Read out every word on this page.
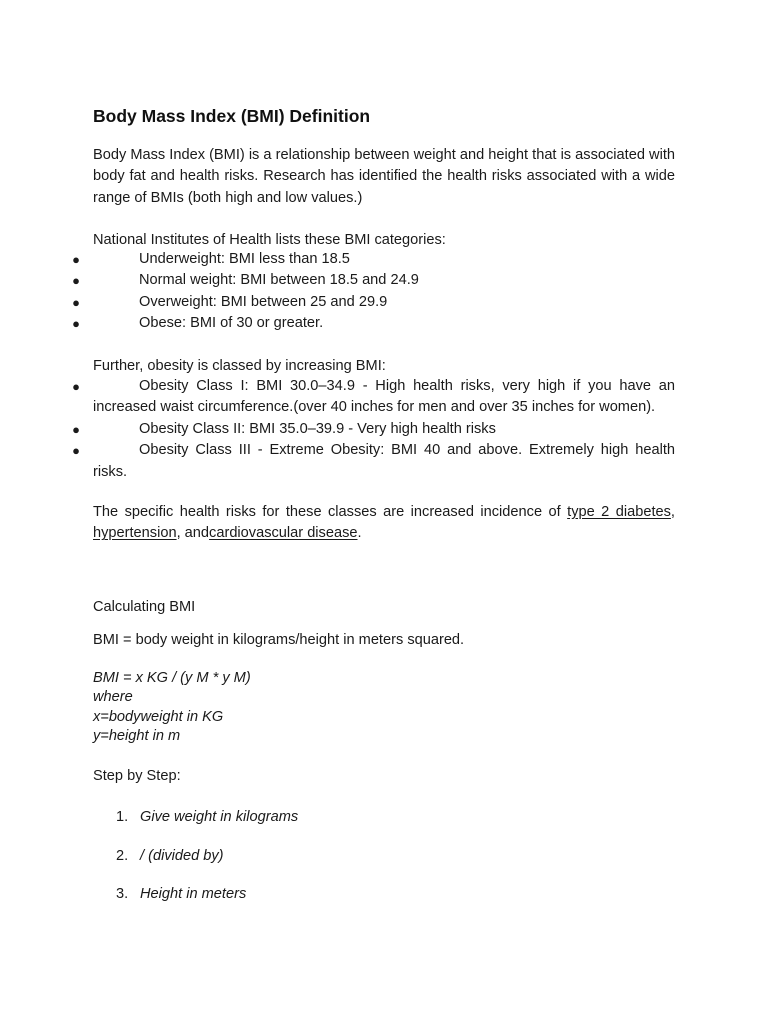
Body Mass Index (BMI) Definition

Body Mass Index (BMI) is a relationship between weight and height that is associated with body fat and health risks. Research has identified the health risks associated with a wide range of BMIs (both high and low values.)

National Institutes of Health lists these BMI categories:

●	Underweight: BMI less than 18.5
●	Normal weight: BMI between 18.5 and 24.9
●	Overweight: BMI between 25 and 29.9
●	Obese: BMI of 30 or greater.

Further, obesity is classed by increasing BMI:

●	Obesity Class I: BMI 30.0–34.9 - High health risks, very high if you have an increased waist circumference.(over 40 inches for men and over 35 inches for women).
●	Obesity Class II: BMI 35.0–39.9 - Very high health risks
●	Obesity Class III - Extreme Obesity: BMI 40 and above. Extremely high health risks.

The specific health risks for these classes are increased incidence of type 2 diabetes, hypertension, andcardiovascular disease.

Calculating BMI

BMI = body weight in kilograms/height in meters squared.

BMI = x KG / (y M * y M)
where
x=bodyweight in KG
y=height in m

Step by Step:

1. Give weight in kilograms
2. / (divided by)
3. Height in meters
